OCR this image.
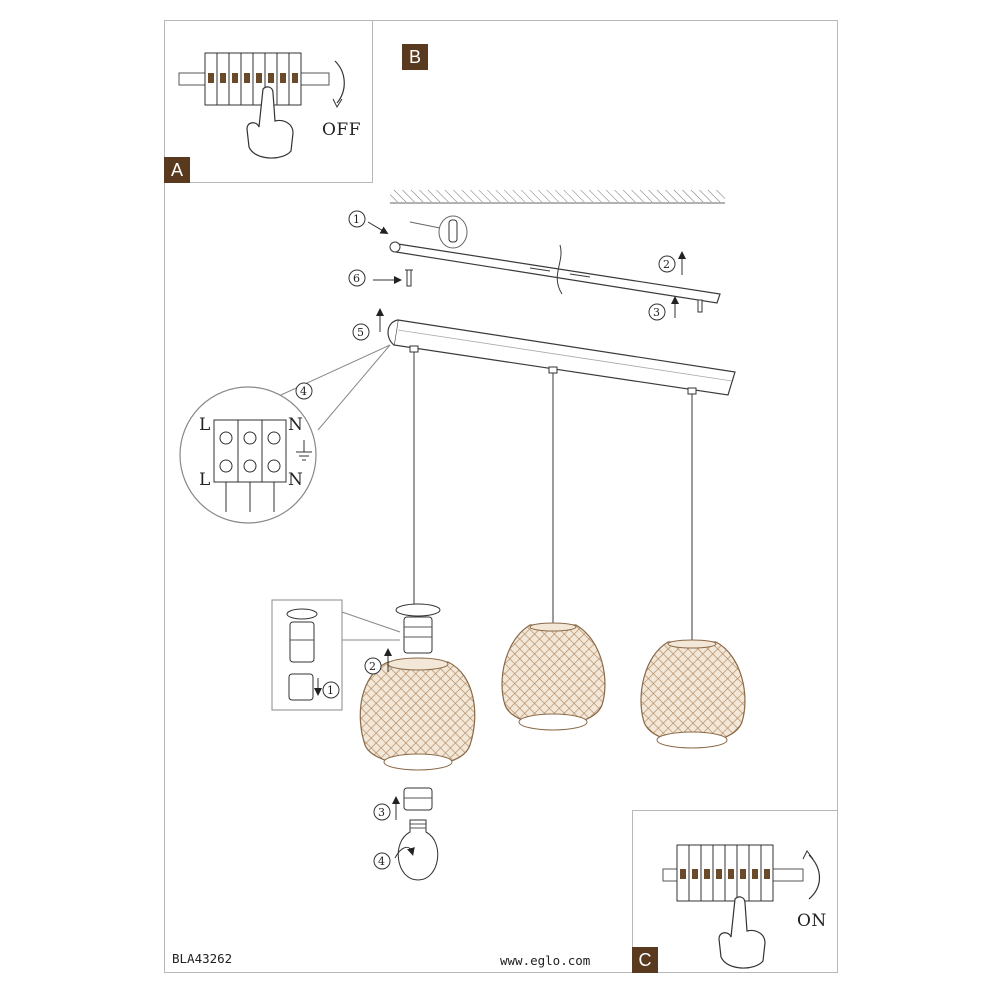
L	N
L	N
1
2
3
6
5
4
1
2
3
4
OFF
A
B
ON
C
BLA43262	www.eglo.com
